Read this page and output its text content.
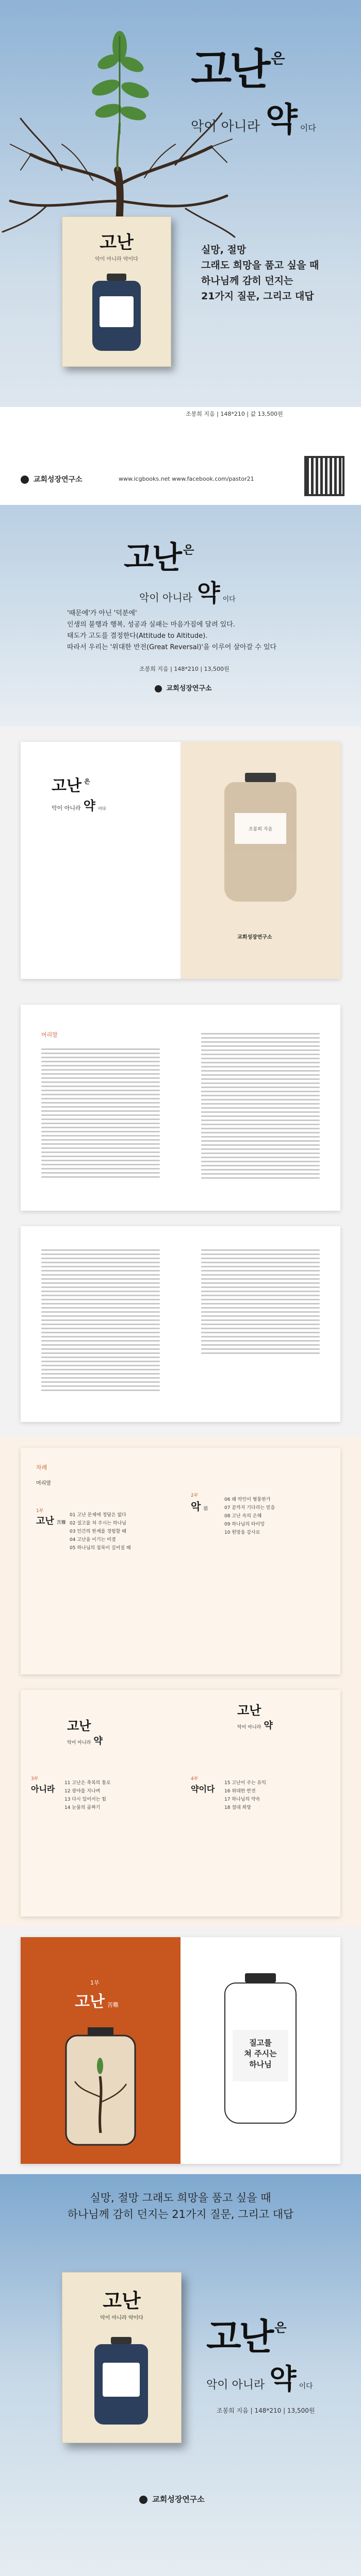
고난 은
악이 아니라 약 이다
고난
악이 아니라 약이다
실망, 절망
그래도 희망을 품고 싶을 때
하나님께 감히 던지는
21가지 질문, 그리고 대답
조봉희 지음 | 148*210 | 값 13,500원
교회성장연구소	www.icgbooks.net www.facebook.com/pastor21
고난 은
악이 아니라 약 이다
'때문에'가 아닌 '덕분에'
인생의 불행과 행복, 성공과 실패는 마음가짐에 달려 있다.
태도가 고도를 결정한다(Attitude to Altitude).
따라서 우리는 '위대한 반전(Great Reversal)'을 이루어 살아갈 수 있다
조봉희 지음 | 148*210 | 13,500원
교회성장연구소
고난 $^은$
악이 아니라 약 이다
조봉희 지음
교회성장연구소
머리말
차례
머리말
1부
고난 苦難
01 고난 문제에 정답은 없다
02 질고를 쳐 주시는 하나님
03 인간의 한계를 경험할 때
04 고난을 이기는 비결
05 하나님의 침묵이 길어질 때
2부
악 惡
06 왜 악인이 형통한가
07 끝까지 기다리는 믿음
08 고난 속의 은혜
09 하나님의 타이밍
10 원망을 감사로
고난
악이 아니라 약
3부
아니라
11 고난은 축복의 통로
12 광야를 지나며
13 다시 일어서는 힘
14 눈물의 골짜기
고난
악이 아니라 약
4부
약이다
15 고난이 주는 유익
16 위대한 반전
17 하나님의 약속
18 절대 희망
1부
고난 苦難
질고를
쳐 주시는
하나님
실망, 절망 그래도 희망을 품고 싶을 때
하나님께 감히 던지는 21가지 질문, 그리고 대답
고난
악이 아니라 약이다	고난 은
악이 아니라 약 이다
조봉희 지음 | 148*210 | 13,500원
교회성장연구소
